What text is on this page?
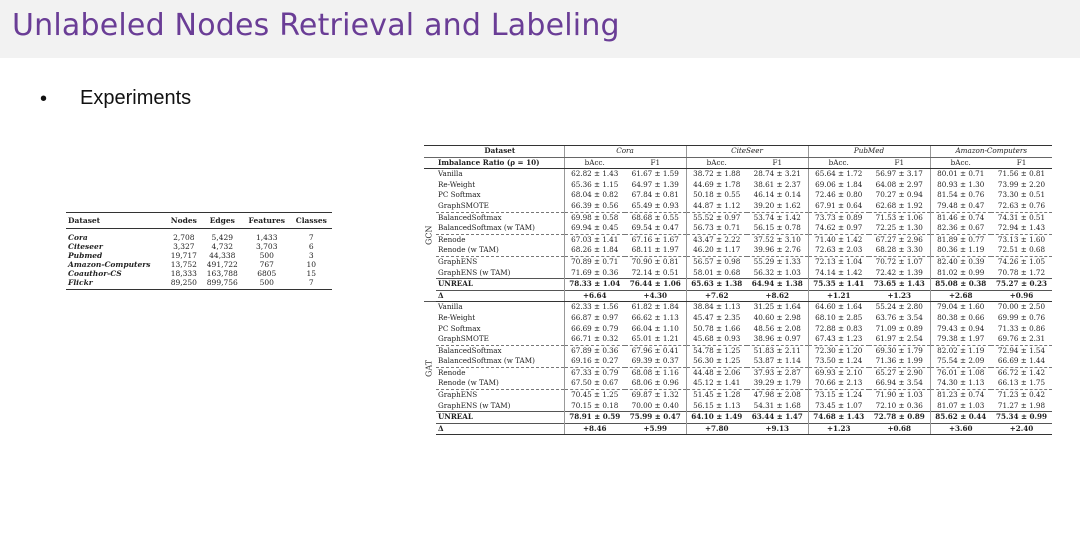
Unlabeled Nodes Retrieval and Labeling
• Experiments
Dataset	Nodes	Edges	Features	Classes
Cora	2,708	5,429	1,433	7
Citeseer	3,327	4,732	3,703	6
Pubmed	19,717	44,338	500	3
Amazon-Computers	13,752	491,722	767	10
Coauthor-CS	18,333	163,788	6805	15
Flickr	89,250	899,756	500	7
	Dataset	Cora		CiteSeer		PubMed		Amazon-Computers	
	Imbalance Ratio (ρ = 10)	bAcc.	F1	bAcc.	F1	bAcc.	F1	bAcc.	F1
GCN	Vanilla	62.82 ± 1.43	61.67 ± 1.59	38.72 ± 1.88	28.74 ± 3.21	65.64 ± 1.72	56.97 ± 3.17	80.01 ± 0.71	71.56 ± 0.81
	Re-Weight	65.36 ± 1.15	64.97 ± 1.39	44.69 ± 1.78	38.61 ± 2.37	69.06 ± 1.84	64.08 ± 2.97	80.93 ± 1.30	73.99 ± 2.20
	PC Softmax	68.04 ± 0.82	67.84 ± 0.81	50.18 ± 0.55	46.14 ± 0.14	72.46 ± 0.80	70.27 ± 0.94	81.54 ± 0.76	73.30 ± 0.51
	GraphSMOTE	66.39 ± 0.56	65.49 ± 0.93	44.87 ± 1.12	39.20 ± 1.62	67.91 ± 0.64	62.68 ± 1.92	79.48 ± 0.47	72.63 ± 0.76
	BalancedSoftmax	69.98 ± 0.58	68.68 ± 0.55	55.52 ± 0.97	53.74 ± 1.42	73.73 ± 0.89	71.53 ± 1.06	81.46 ± 0.74	74.31 ± 0.51
	BalancedSoftmax (w TAM)	69.94 ± 0.45	69.54 ± 0.47	56.73 ± 0.71	56.15 ± 0.78	74.62 ± 0.97	72.25 ± 1.30	82.36 ± 0.67	72.94 ± 1.43
	Renode	67.03 ± 1.41	67.16 ± 1.67	43.47 ± 2.22	37.52 ± 3.10	71.40 ± 1.42	67.27 ± 2.96	81.89 ± 0.77	73.13 ± 1.60
	Renode (w TAM)	68.26 ± 1.84	68.11 ± 1.97	46.20 ± 1.17	39.96 ± 2.76	72.63 ± 2.03	68.28 ± 3.30	80.36 ± 1.19	72.51 ± 0.68
	GraphENS	70.89 ± 0.71	70.90 ± 0.81	56.57 ± 0.98	55.29 ± 1.33	72.13 ± 1.04	70.72 ± 1.07	82.40 ± 0.39	74.26 ± 1.05
	GraphENS (w TAM)	71.69 ± 0.36	72.14 ± 0.51	58.01 ± 0.68	56.32 ± 1.03	74.14 ± 1.42	72.42 ± 1.39	81.02 ± 0.99	70.78 ± 1.72
	UNREAL	78.33 ± 1.04	76.44 ± 1.06	65.63 ± 1.38	64.94 ± 1.38	75.35 ± 1.41	73.65 ± 1.43	85.08 ± 0.38	75.27 ± 0.23
	Δ	+6.64	+4.30	+7.62	+8.62	+1.21	+1.23	+2.68	+0.96
GAT	Vanilla	62.33 ± 1.56	61.82 ± 1.84	38.84 ± 1.13	31.25 ± 1.64	64.60 ± 1.64	55.24 ± 2.80	79.04 ± 1.60	70.00 ± 2.50
	Re-Weight	66.87 ± 0.97	66.62 ± 1.13	45.47 ± 2.35	40.60 ± 2.98	68.10 ± 2.85	63.76 ± 3.54	80.38 ± 0.66	69.99 ± 0.76
	PC Softmax	66.69 ± 0.79	66.04 ± 1.10	50.78 ± 1.66	48.56 ± 2.08	72.88 ± 0.83	71.09 ± 0.89	79.43 ± 0.94	71.33 ± 0.86
	GraphSMOTE	66.71 ± 0.32	65.01 ± 1.21	45.68 ± 0.93	38.96 ± 0.97	67.43 ± 1.23	61.97 ± 2.54	79.38 ± 1.97	69.76 ± 2.31
	BalancedSoftmax	67.89 ± 0.36	67.96 ± 0.41	54.78 ± 1.25	51.83 ± 2.11	72.30 ± 1.20	69.30 ± 1.79	82.02 ± 1.19	72.94 ± 1.54
	BalancedSoftmax (w TAM)	69.16 ± 0.27	69.39 ± 0.37	56.30 ± 1.25	53.87 ± 1.14	73.50 ± 1.24	71.36 ± 1.99	75.54 ± 2.09	66.69 ± 1.44
	Renode	67.33 ± 0.79	68.08 ± 1.16	44.48 ± 2.06	37.93 ± 2.87	69.93 ± 2.10	65.27 ± 2.90	76.01 ± 1.08	66.72 ± 1.42
	Renode (w TAM)	67.50 ± 0.67	68.06 ± 0.96	45.12 ± 1.41	39.29 ± 1.79	70.66 ± 2.13	66.94 ± 3.54	74.30 ± 1.13	66.13 ± 1.75
	GraphENS	70.45 ± 1.25	69.87 ± 1.32	51.45 ± 1.28	47.98 ± 2.08	73.15 ± 1.24	71.90 ± 1.03	81.23 ± 0.74	71.23 ± 0.42
	GraphENS (w TAM)	70.15 ± 0.18	70.00 ± 0.40	56.15 ± 1.13	54.31 ± 1.68	73.45 ± 1.07	72.10 ± 0.36	81.07 ± 1.03	71.27 ± 1.98
	UNREAL	78.91 ± 0.59	75.99 ± 0.47	64.10 ± 1.49	63.44 ± 1.47	74.68 ± 1.43	72.78 ± 0.89	85.62 ± 0.44	75.34 ± 0.99
	Δ	+8.46	+5.99	+7.80	+9.13	+1.23	+0.68	+3.60	+2.40
